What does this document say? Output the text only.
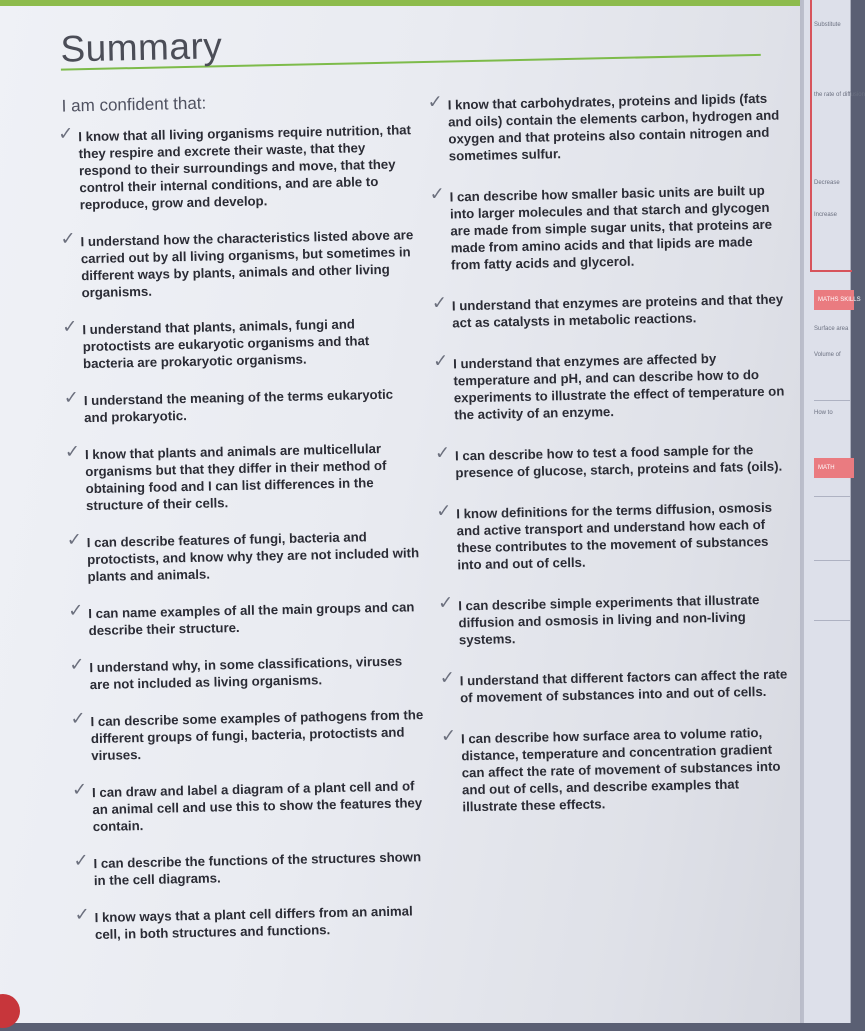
Summary

I am confident that:

✓ I know that all living organisms require nutrition, that they respire and excrete their waste, that they respond to their surroundings and move, that they control their internal conditions, and are able to reproduce, grow and develop.
✓ I understand how the characteristics listed above are carried out by all living organisms, but sometimes in different ways by plants, animals and other living organisms.
✓ I understand that plants, animals, fungi and protoctists are eukaryotic organisms and that bacteria are prokaryotic organisms.
✓ I understand the meaning of the terms eukaryotic and prokaryotic.
✓ I know that plants and animals are multicellular organisms but that they differ in their method of obtaining food and I can list differences in the structure of their cells.
✓ I can describe features of fungi, bacteria and protoctists, and know why they are not included with plants and animals.
✓ I can name examples of all the main groups and can describe their structure.
✓ I understand why, in some classifications, viruses are not included as living organisms.
✓ I can describe some examples of pathogens from the different groups of fungi, bacteria, protoctists and viruses.
✓ I can draw and label a diagram of a plant cell and of an animal cell and use this to show the features they contain.
✓ I can describe the functions of the structures shown in the cell diagrams.
✓ I know ways that a plant cell differs from an animal cell, in both structures and functions.
✓ I know that carbohydrates, proteins and lipids (fats and oils) contain the elements carbon, hydrogen and oxygen and that proteins also contain nitrogen and sometimes sulfur.
✓ I can describe how smaller basic units are built up into larger molecules and that starch and glycogen are made from simple sugar units, that proteins are made from amino acids and that lipids are made from fatty acids and glycerol.
✓ I understand that enzymes are proteins and that they act as catalysts in metabolic reactions.
✓ I understand that enzymes are affected by temperature and pH, and can describe how to do experiments to illustrate the effect of temperature on the activity of an enzyme.
✓ I can describe how to test a food sample for the presence of glucose, starch, proteins and fats (oils).
✓ I know definitions for the terms diffusion, osmosis and active transport and understand how each of these contributes to the movement of substances into and out of cells.
✓ I can describe simple experiments that illustrate diffusion and osmosis in living and non-living systems.
✓ I understand that different factors can affect the rate of movement of substances into and out of cells.
✓ I can describe how surface area to volume ratio, distance, temperature and concentration gradient can affect the rate of movement of substances into and out of cells, and describe examples that illustrate these effects.
Substitute
the rate of diffusion
Decrease
Increase
MATHS SKILLS
Surface area
Volume of
How to
MATH
